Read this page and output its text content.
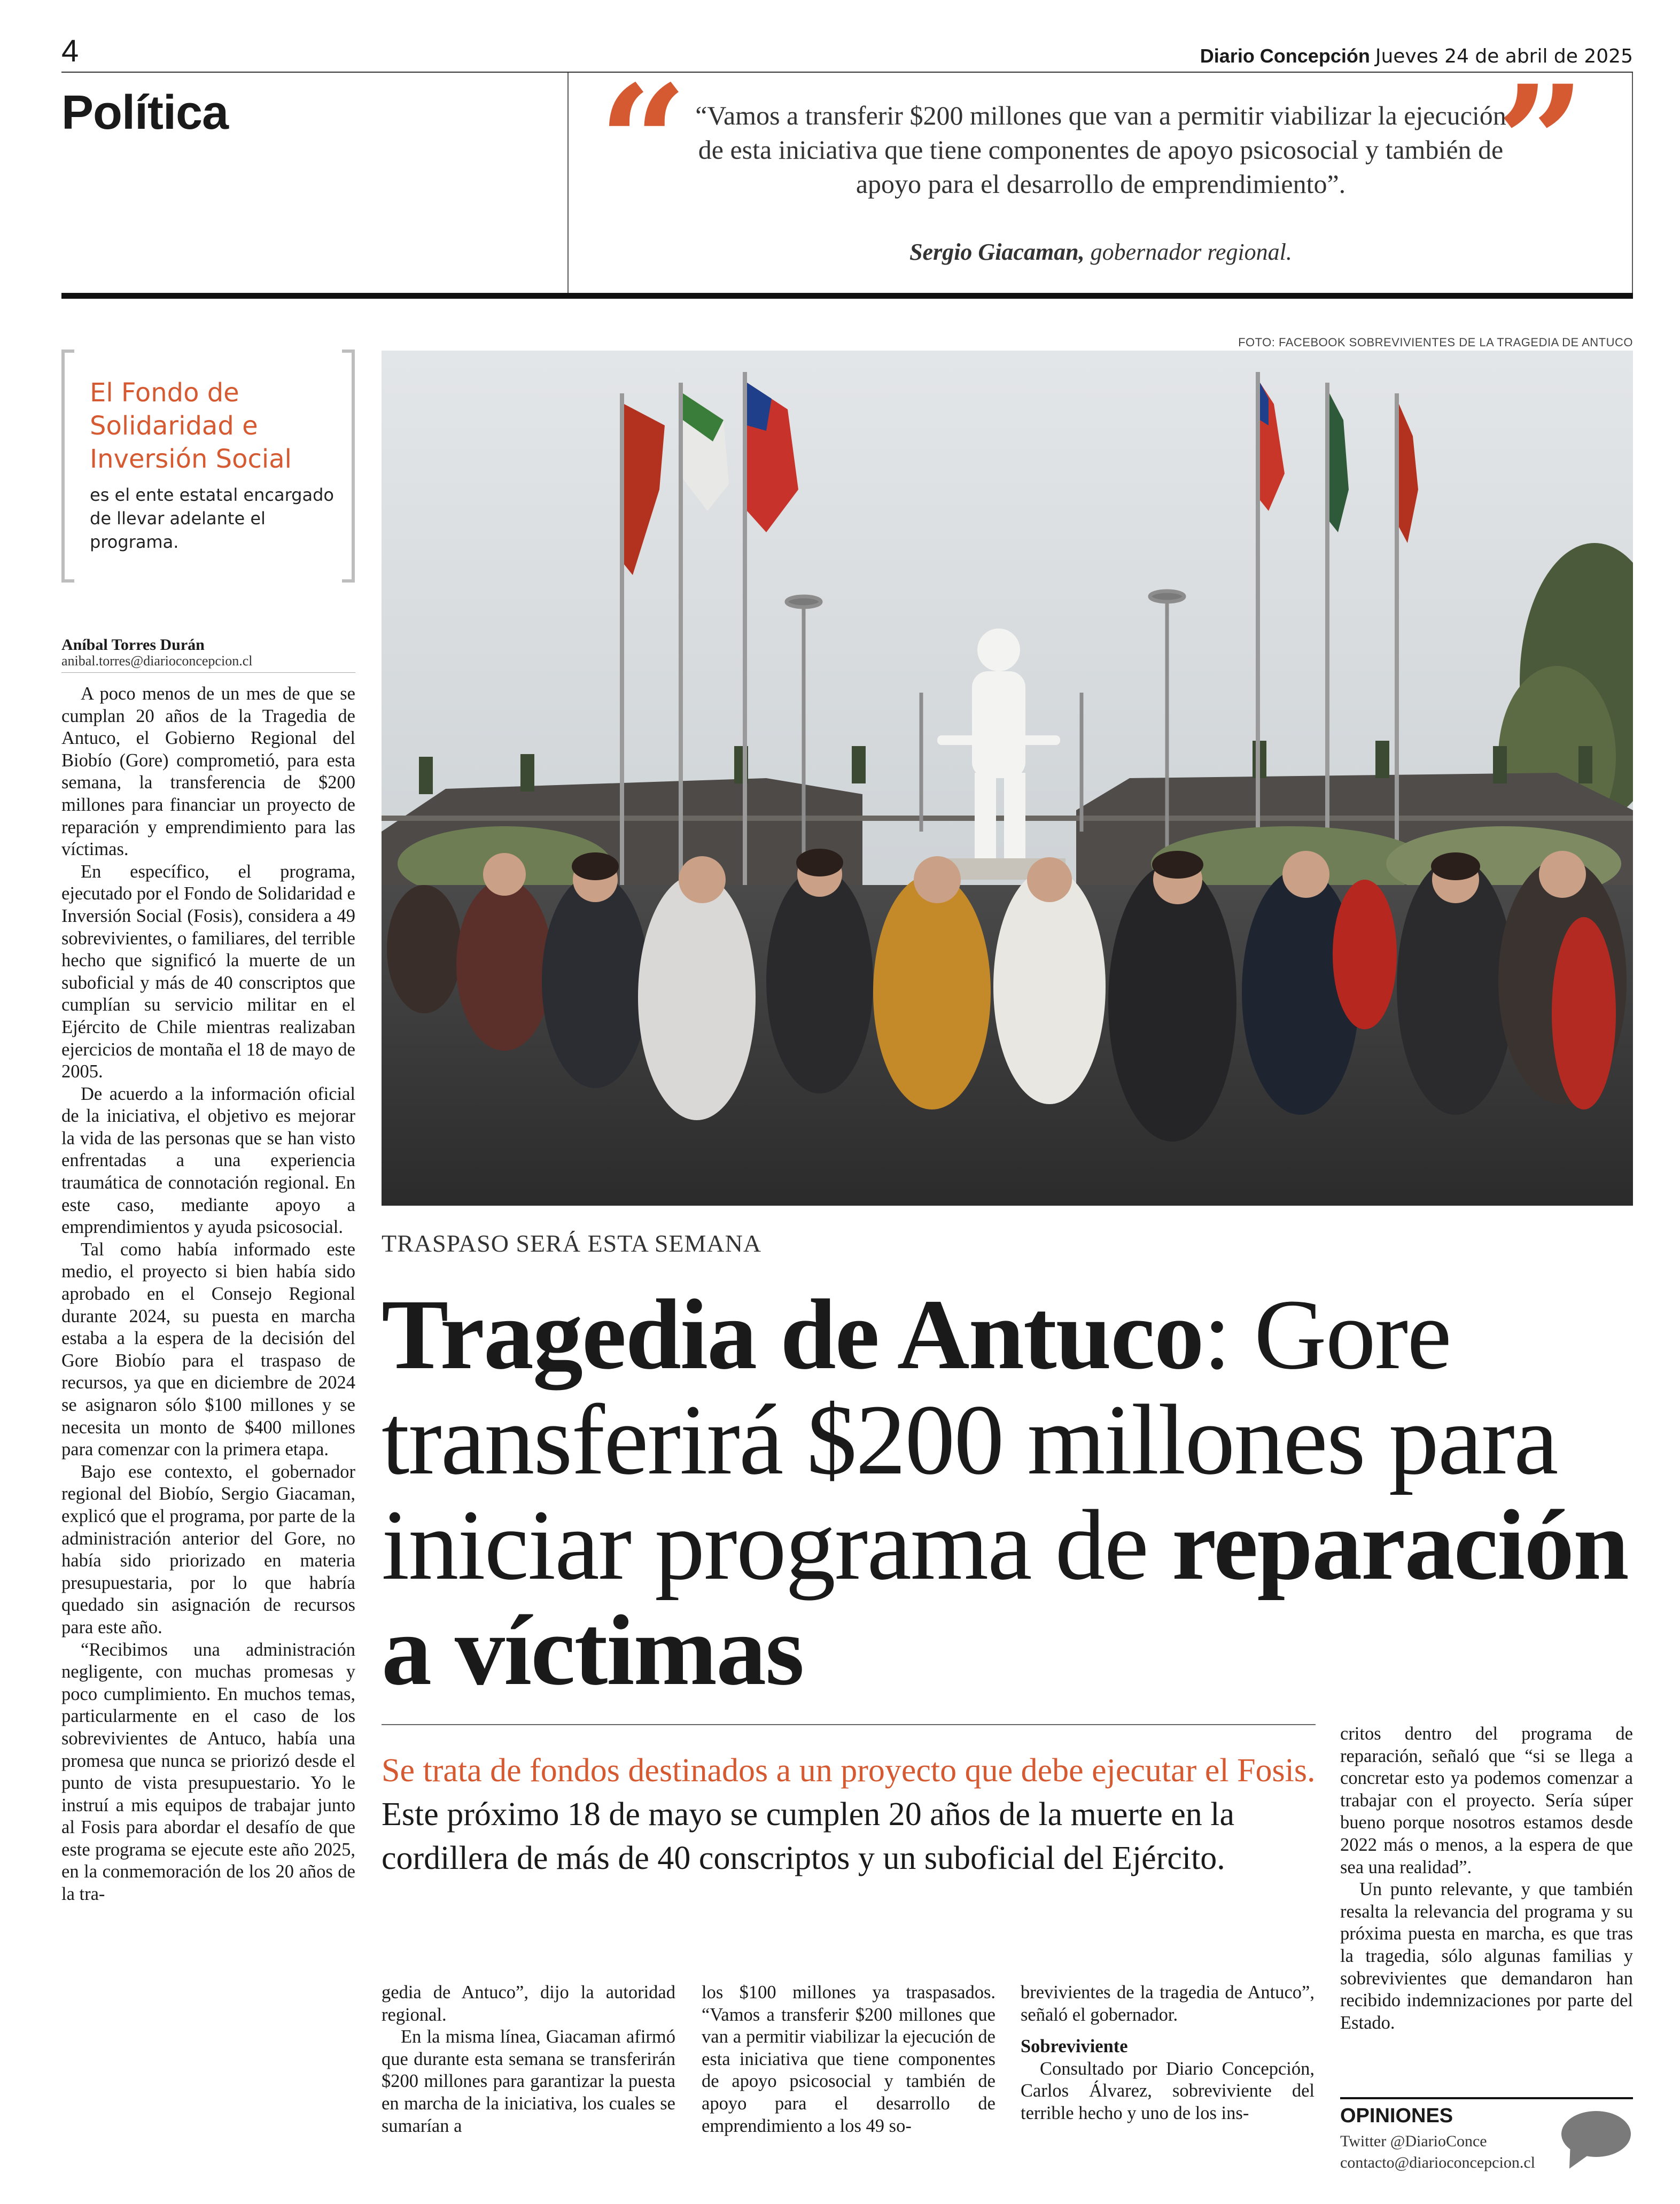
4	Diario Concepción Jueves 24 de abril de 2025
Política “	”
“Vamos a transferir $200 millones que van a permitir viabilizar la ejecución de esta iniciativa que tiene componentes de apoyo psicosocial y también de apoyo para el desarrollo de emprendimiento”.
Sergio Giacaman, gobernador regional.
El Fondo de Solidaridad e Inversión Social
es el ente estatal encargado de llevar adelante el programa.
Aníbal Torres Durán
anibal.torres@diarioconcepcion.cl

A poco menos de un mes de que se cumplan 20 años de la Tragedia de Antuco, el Gobierno Regional del Biobío (Gore) comprometió, para esta semana, la transferencia de $200 millones para financiar un proyecto de reparación y emprendimiento para las víctimas.

En específico, el programa, ejecutado por el Fondo de Solidaridad e Inversión Social (Fosis), considera a 49 sobrevivientes, o familiares, del terrible hecho que significó la muerte de un suboficial y más de 40 conscriptos que cumplían su servicio militar en el Ejército de Chile mientras realizaban ejercicios de montaña el 18 de mayo de 2005.

De acuerdo a la información oficial de la iniciativa, el objetivo es mejorar la vida de las personas que se han visto enfrentadas a una experiencia traumática de connotación regional. En este caso, mediante apoyo a emprendimientos y ayuda psicosocial.

Tal como había informado este medio, el proyecto si bien había sido aprobado en el Consejo Regional durante 2024, su puesta en marcha estaba a la espera de la decisión del Gore Biobío para el traspaso de recursos, ya que en diciembre de 2024 se asignaron sólo $100 millones y se necesita un monto de $400 millones para comenzar con la primera etapa.

Bajo ese contexto, el gobernador regional del Biobío, Sergio Giacaman, explicó que el programa, por parte de la administración anterior del Gore, no había sido priorizado en materia presupuestaria, por lo que habría quedado sin asignación de recursos para este año.

“Recibimos una administración negligente, con muchas promesas y poco cumplimiento. En muchos temas, particularmente en el caso de los sobrevivientes de Antuco, había una promesa que nunca se priorizó desde el punto de vista presupuestario. Yo le instruí a mis equipos de trabajar junto al Fosis para abordar el desafío de que este programa se ejecute este año 2025, en la conmemoración de los 20 años de la tra-

FOTO: FACEBOOK SOBREVIVIENTES DE LA TRAGEDIA DE ANTUCO
TRASPASO SERÁ ESTA SEMANA
Tragedia de Antuco: Gore transferirá $200 millones para iniciar programa de reparación a víctimas
Se trata de fondos destinados a un proyecto que debe ejecutar el Fosis. Este próximo 18 de mayo se cumplen 20 años de la muerte en la cordillera de más de 40 conscriptos y un suboficial del Ejército.

gedia de Antuco”, dijo la autoridad regional.

En la misma línea, Giacaman afirmó que durante esta semana se transferirán $200 millones para garantizar la puesta en marcha de la iniciativa, los cuales se sumarían a

los $100 millones ya traspasados. “Vamos a transferir $200 millones que van a permitir viabilizar la ejecución de esta iniciativa que tiene componentes de apoyo psicosocial y también de apoyo para el desarrollo de emprendimiento a los 49 so-

brevivientes de la tragedia de Antuco”, señaló el gobernador.

Sobreviviente

Consultado por Diario Concepción, Carlos Álvarez, sobreviviente del terrible hecho y uno de los ins-

critos dentro del programa de reparación, señaló que “si se llega a concretar esto ya podemos comenzar a trabajar con el proyecto. Sería súper bueno porque nosotros estamos desde 2022 más o menos, a la espera de que sea una realidad”.

Un punto relevante, y que también resalta la relevancia del programa y su próxima puesta en marcha, es que tras la tragedia, sólo algunas familias y sobrevivientes que demandaron han recibido indemnizaciones por parte del Estado.

OPINIONES
Twitter @DiarioConce
contacto@diarioconcepcion.cl
